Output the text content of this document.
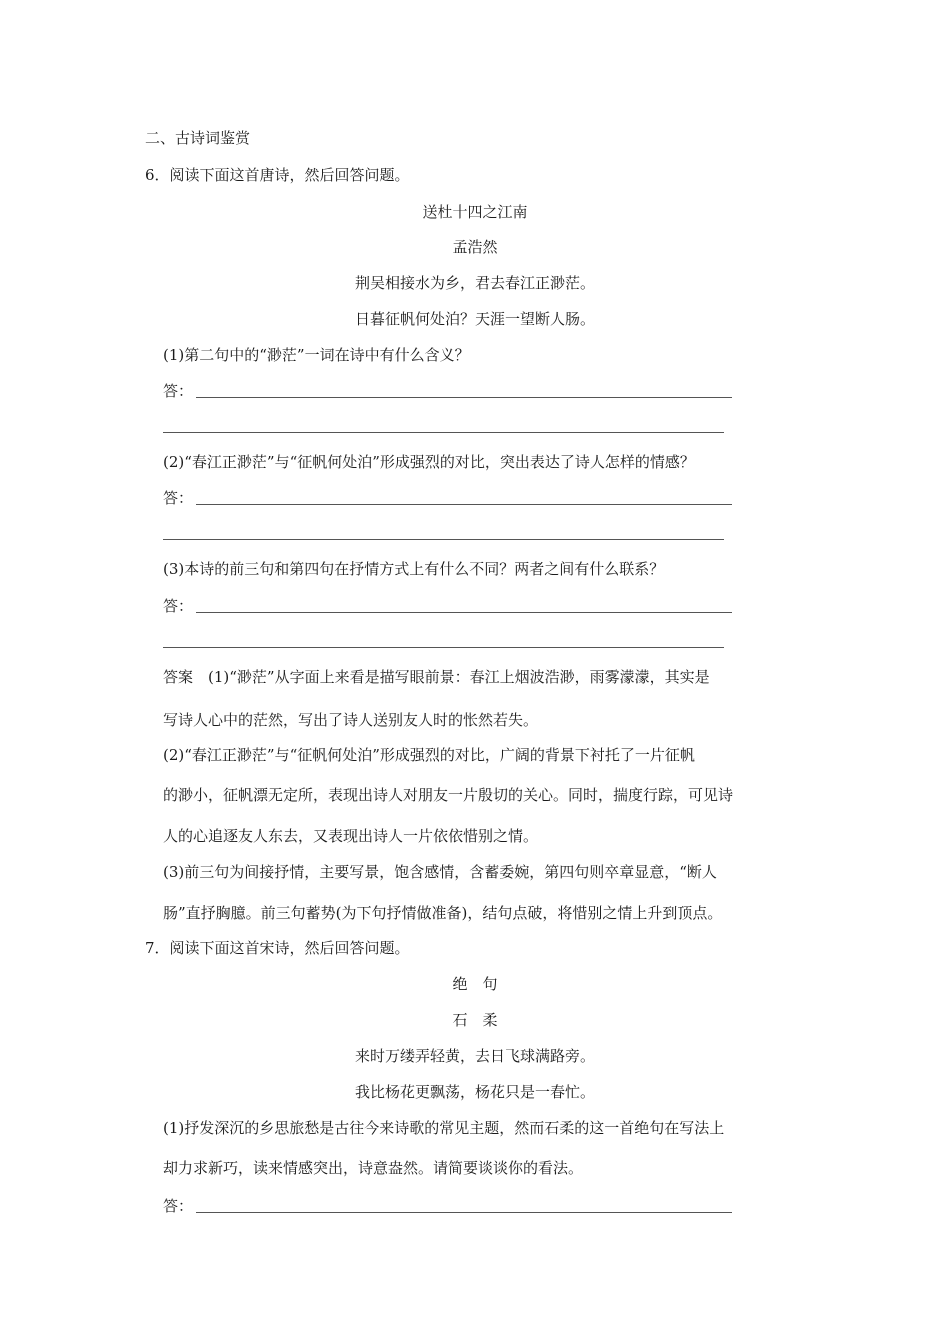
二、古诗词鉴赏
6．阅读下面这首唐诗，然后回答问题。
送杜十四之江南
孟浩然
荆吴相接水为乡，君去春江正渺茫。
日暮征帆何处泊？天涯一望断人肠。
(1)第二句中的“渺茫”一词在诗中有什么含义？
答：
(2)“春江正渺茫”与“征帆何处泊”形成强烈的对比，突出表达了诗人怎样的情感？
答：
(3)本诗的前三句和第四句在抒情方式上有什么不同？两者之间有什么联系？
答：
答案　(1)“渺茫”从字面上来看是描写眼前景：春江上烟波浩渺，雨雾濛濛，其实是
写诗人心中的茫然，写出了诗人送别友人时的怅然若失。
(2)“春江正渺茫”与“征帆何处泊”形成强烈的对比，广阔的背景下衬托了一片征帆
的渺小，征帆漂无定所，表现出诗人对朋友一片殷切的关心。同时，揣度行踪，可见诗
人的心追逐友人东去，又表现出诗人一片依依惜别之情。
(3)前三句为间接抒情，主要写景，饱含感情，含蓄委婉，第四句则卒章显意，“断人
肠”直抒胸臆。前三句蓄势(为下句抒情做准备)，结句点破，将惜别之情上升到顶点。
7．阅读下面这首宋诗，然后回答问题。
绝　句
石　柔
来时万缕弄轻黄，去日飞球满路旁。
我比杨花更飘荡，杨花只是一春忙。
(1)抒发深沉的乡思旅愁是古往今来诗歌的常见主题，然而石柔的这一首绝句在写法上
却力求新巧，读来情感突出，诗意盎然。请简要谈谈你的看法。
答：
